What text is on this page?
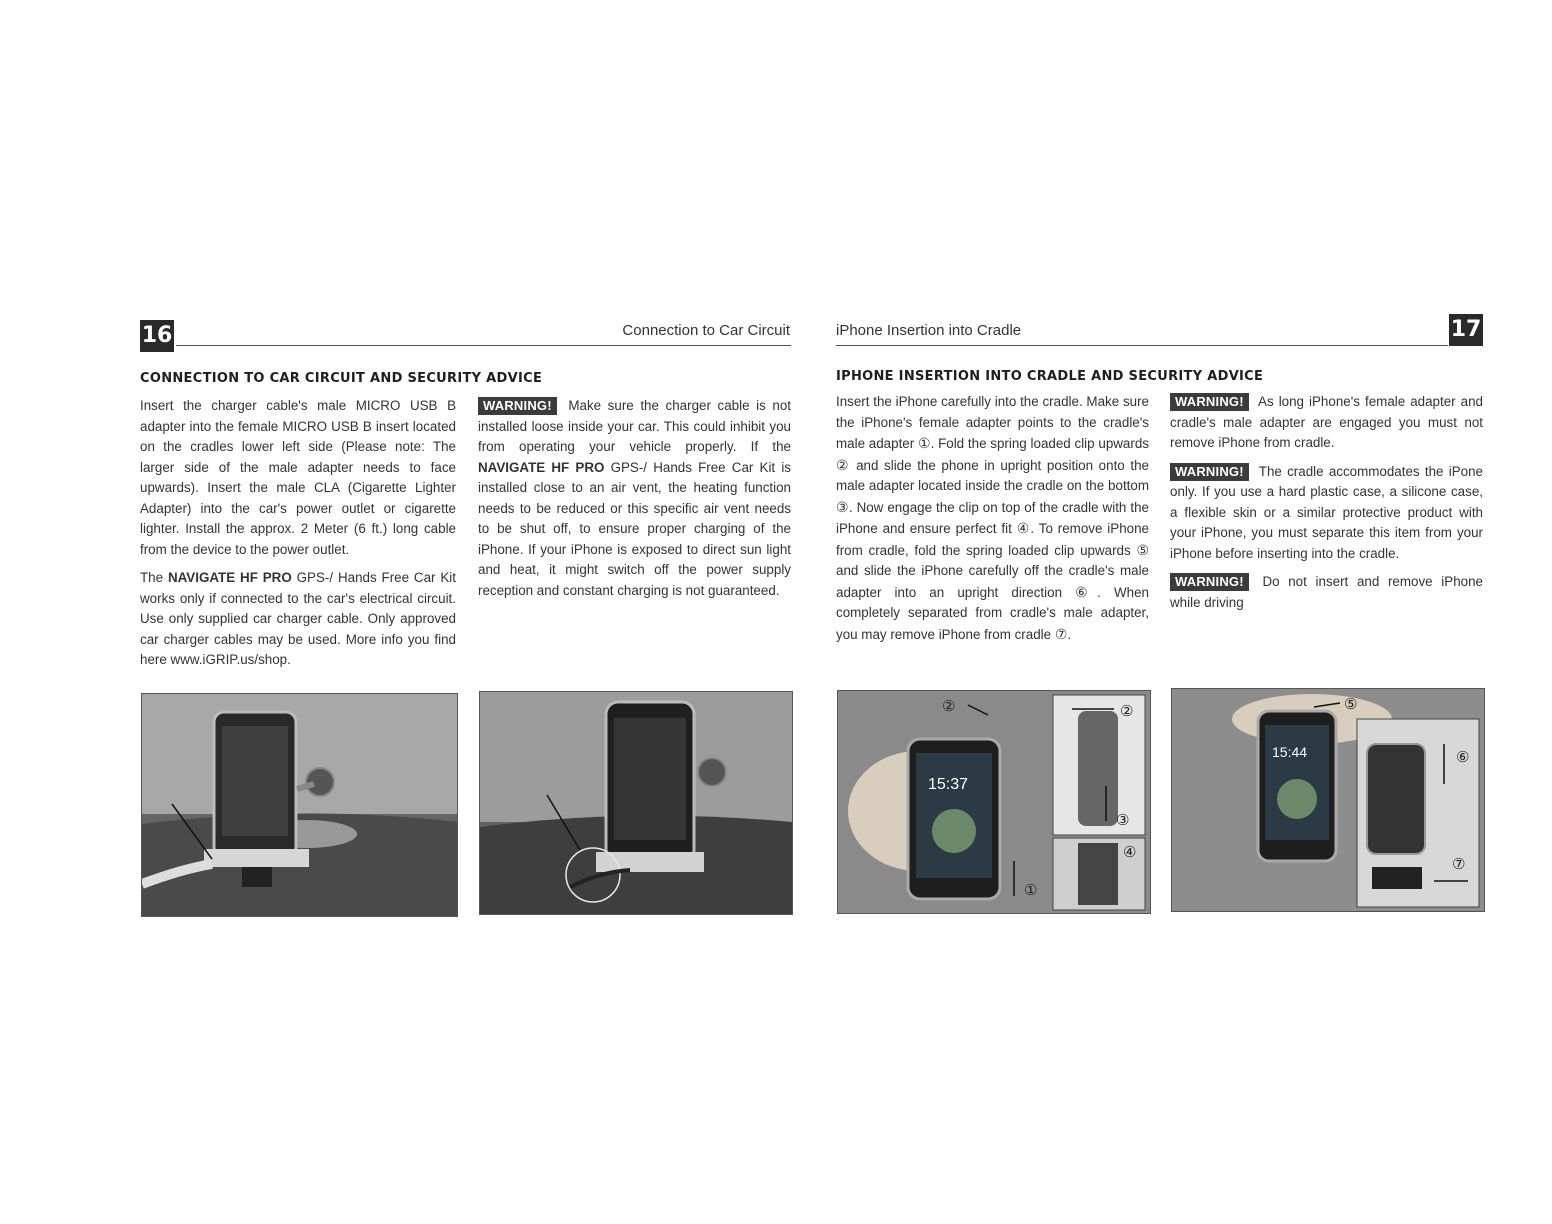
16	Connection to Car Circuit
CONNECTION TO CAR CIRCUIT AND SECURITY ADVICE

Insert the charger cable's male MICRO USB B adapter into the female MICRO USB B insert located on the cradles lower left side (Please note: The larger side of the male adapter needs to face upwards). Insert the male CLA (Cigarette Lighter Adapter) into the car's power outlet or cigarette lighter. Install the approx. 2 Meter (6 ft.) long cable from the device to the power outlet.

The NAVIGATE HF PRO GPS-/ Hands Free Car Kit works only if connected to the car's electrical circuit. Use only supplied car charger cable. Only approved car charger cables may be used. More info you find here www.iGRIP.us/shop.

WARNING! Make sure the charger cable is not installed loose inside your car. This could inhibit you from operating your vehicle properly. If the NAVIGATE HF PRO GPS-/ Hands Free Car Kit is installed close to an air vent, the heating function needs to be reduced or this specific air vent needs to be shut off, to ensure proper charging of the iPhone. If your iPhone is exposed to direct sun light and heat, it might switch off the power supply reception and constant charging is not guaranteed.

iPhone Insertion into Cradle	17
IPHONE INSERTION INTO CRADLE AND SECURITY ADVICE

Insert the iPhone carefully into the cradle. Make sure the iPhone's female adapter points to the cradle's male adapter ①. Fold the spring loaded clip upwards ② and slide the phone in upright position onto the male adapter located inside the cradle on the bottom ③. Now engage the clip on top of the cradle with the iPhone and ensure perfect fit ④. To remove iPhone from cradle, fold the spring loaded clip upwards ⑤ and slide the iPhone carefully off the cradle's male adapter into an upright direction ⑥. When completely separated from cradle's male adapter, you may remove iPhone from cradle ⑦.

WARNING! As long iPhone's female adapter and cradle's male adapter are engaged you must not remove iPhone from cradle.

WARNING! The cradle accommodates the iPone only. If you use a hard plastic case, a silicone case, a flexible skin or a similar protective product with your iPhone, you must separate this item from your iPhone before inserting into the cradle.

WARNING! Do not insert and remove iPhone while driving

15:37
②	②
③
④
①
15:44
⑤
⑥
⑦
